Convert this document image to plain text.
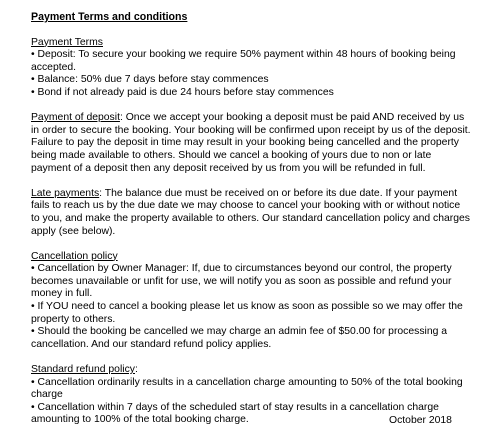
Payment Terms and conditions

Payment Terms

• Deposit: To secure your booking we require 50% payment within 48 hours of booking being accepted.

• Balance: 50% due 7 days before stay commences

• Bond if not already paid is due 24 hours before stay commences

Payment of deposit: Once we accept your booking a deposit must be paid AND received by us in order to secure the booking. Your booking will be confirmed upon receipt by us of the deposit. Failure to pay the deposit in time may result in your booking being cancelled and the property being made available to others. Should we cancel a booking of yours due to non or late payment of a deposit then any deposit received by us from you will be refunded in full.

Late payments: The balance due must be received on or before its due date. If your payment fails to reach us by the due date we may choose to cancel your booking with or without notice to you, and make the property available to others. Our standard cancellation policy and charges apply (see below).

Cancellation policy

• Cancellation by Owner Manager: If, due to circumstances beyond our control, the property becomes unavailable or unfit for use, we will notify you as soon as possible and refund your money in full.

• If YOU need to cancel a booking please let us know as soon as possible so we may offer the property to others.

• Should the booking be cancelled we may charge an admin fee of $50.00 for processing a cancellation. And our standard refund policy applies.

Standard refund policy:

• Cancellation ordinarily results in a cancellation charge amounting to 50% of the total booking charge

• Cancellation within 7 days of the scheduled start of stay results in a cancellation charge amounting to 100% of the total booking charge.	October 2018
